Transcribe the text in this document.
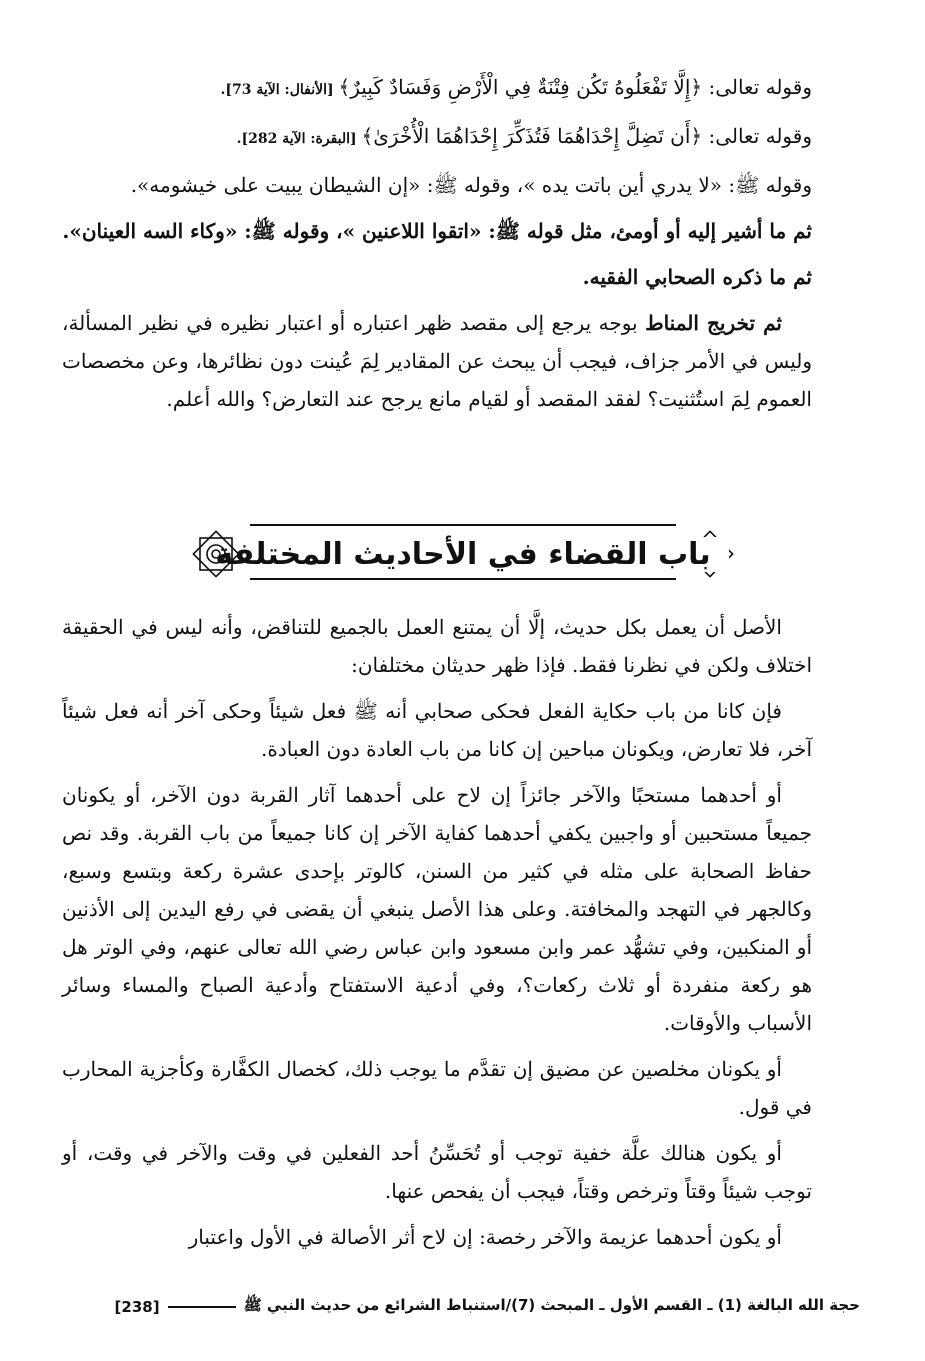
وقوله تعالى: ﴿إِلَّا تَفْعَلُوهُ تَكُن فِتْنَةٌ فِي الْأَرْضِ وَفَسَادٌ كَبِيرٌ﴾ [الأنفال: الآية 73].

وقوله تعالى: ﴿أَن تَضِلَّ إِحْدَاهُمَا فَتُذَكِّرَ إِحْدَاهُمَا الْأُخْرَىٰ﴾ [البقرة: الآية 282].

وقوله ﷺ: «لا يدري أين باتت يده »، وقوله ﷺ: «إن الشيطان يبيت على خيشومه».

ثم ما أشير إليه أو أومئ، مثل قوله ﷺ: «اتقوا اللاعنين »، وقوله ﷺ: «وكاء السه العينان».

ثم ما ذكره الصحابي الفقيه.

ثم تخريج المناط بوجه يرجع إلى مقصد ظهر اعتباره أو اعتبار نظيره في نظير المسألة، وليس في الأمر جزاف، فيجب أن يبحث عن المقادير لِمَ عُينت دون نظائرها، وعن مخصصات العموم لِمَ استُثنيت؟ لفقد المقصد أو لقيام مانع يرجح عند التعارض؟ والله أعلم.

باب القضاء في الأحاديث المختلفة

الأصل أن يعمل بكل حديث، إلَّا أن يمتنع العمل بالجميع للتناقض، وأنه ليس في الحقيقة اختلاف ولكن في نظرنا فقط. فإذا ظهر حديثان مختلفان:

فإن كانا من باب حكاية الفعل فحكى صحابي أنه ﷺ فعل شيئاً وحكى آخر أنه فعل شيئاً آخر، فلا تعارض، ويكونان مباحين إن كانا من باب العادة دون العبادة.

أو أحدهما مستحبًا والآخر جائزاً إن لاح على أحدهما آثار القربة دون الآخر، أو يكونان جميعاً مستحبين أو واجبين يكفي أحدهما كفاية الآخر إن كانا جميعاً من باب القربة. وقد نص حفاظ الصحابة على مثله في كثير من السنن، كالوتر بإحدى عشرة ركعة وبتسع وسبع، وكالجهر في التهجد والمخافتة. وعلى هذا الأصل ينبغي أن يقضى في رفع اليدين إلى الأذنين أو المنكبين، وفي تشهُّد عمر وابن مسعود وابن عباس رضي الله تعالى عنهم، وفي الوتر هل هو ركعة منفردة أو ثلاث ركعات؟، وفي أدعية الاستفتاح وأدعية الصباح والمساء وسائر الأسباب والأوقات.

أو يكونان مخلصين عن مضيق إن تقدَّم ما يوجب ذلك، كخصال الكفَّارة وكأجزية المحارب في قول.

أو يكون هنالك علَّة خفية توجب أو تُحَسِّنُ أحد الفعلين في وقت والآخر في وقت، أو توجب شيئاً وقتاً وترخص وقتاً، فيجب أن يفحص عنها.

أو يكون أحدهما عزيمة والآخر رخصة: إن لاح أثر الأصالة في الأول واعتبار

حجة الله البالغة (1) ـ القسم الأول ـ المبحث (7)/استنباط الشرائع من حديث النبي ﷺ
[238]
